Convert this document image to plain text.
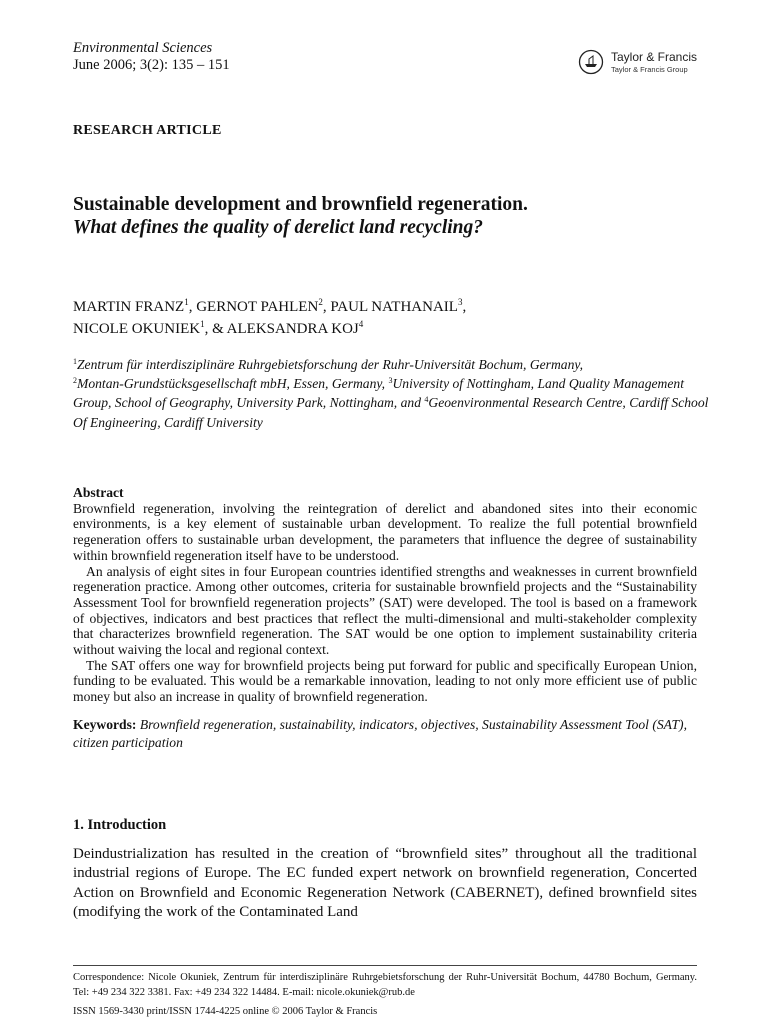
Environmental Sciences
June 2006; 3(2): 135 – 151	Taylor & Francis
Taylor & Francis Group
RESEARCH ARTICLE
Sustainable development and brownfield regeneration.
What defines the quality of derelict land recycling?
MARTIN FRANZ$^1$, GERNOT PAHLEN$^2$, PAUL NATHANAIL$^3$,
NICOLE OKUNIEK$^1$, & ALEKSANDRA KOJ$^4$
$^1$Zentrum für interdisziplinäre Ruhrgebietsforschung der Ruhr-Universität Bochum, Germany,
$^2$Montan-Grundstücksgesellschaft mbH, Essen, Germany, $^3$University of Nottingham, Land Quality Management Group, School of Geography, University Park, Nottingham, and $^4$Geoenvironmental Research Centre, Cardiff School Of Engineering, Cardiff University
Abstract

Brownfield regeneration, involving the reintegration of derelict and abandoned sites into their economic environments, is a key element of sustainable urban development. To realize the full potential brownfield regeneration offers to sustainable urban development, the parameters that influence the degree of sustainability within brownfield regeneration itself have to be understood.

An analysis of eight sites in four European countries identified strengths and weaknesses in current brownfield regeneration practice. Among other outcomes, criteria for sustainable brownfield projects and the “Sustainability Assessment Tool for brownfield regeneration projects” (SAT) were developed. The tool is based on a framework of objectives, indicators and best practices that reflect the multi-dimensional and multi-stakeholder complexity that characterizes brownfield regeneration. The SAT would be one option to implement sustainability criteria without waiving the local and regional context.

The SAT offers one way for brownfield projects being put forward for public and specifically European Union, funding to be evaluated. This would be a remarkable innovation, leading to not only more efficient use of public money but also an increase in quality of brownfield regeneration.

Keywords: Brownfield regeneration, sustainability, indicators, objectives, Sustainability Assessment Tool (SAT), citizen participation
1. Introduction

Deindustrialization has resulted in the creation of “brownfield sites” throughout all the traditional industrial regions of Europe. The EC funded expert network on brownfield regeneration, Concerted Action on Brownfield and Economic Regeneration Network (CABERNET), defined brownfield sites (modifying the work of the Contaminated Land

Correspondence: Nicole Okuniek, Zentrum für interdisziplinäre Ruhrgebietsforschung der Ruhr-Universität Bochum, 44780 Bochum, Germany. Tel: +49 234 322 3381. Fax: +49 234 322 14484. E-mail: nicole.okuniek@rub.de
ISSN 1569-3430 print/ISSN 1744-4225 online © 2006 Taylor & Francis
